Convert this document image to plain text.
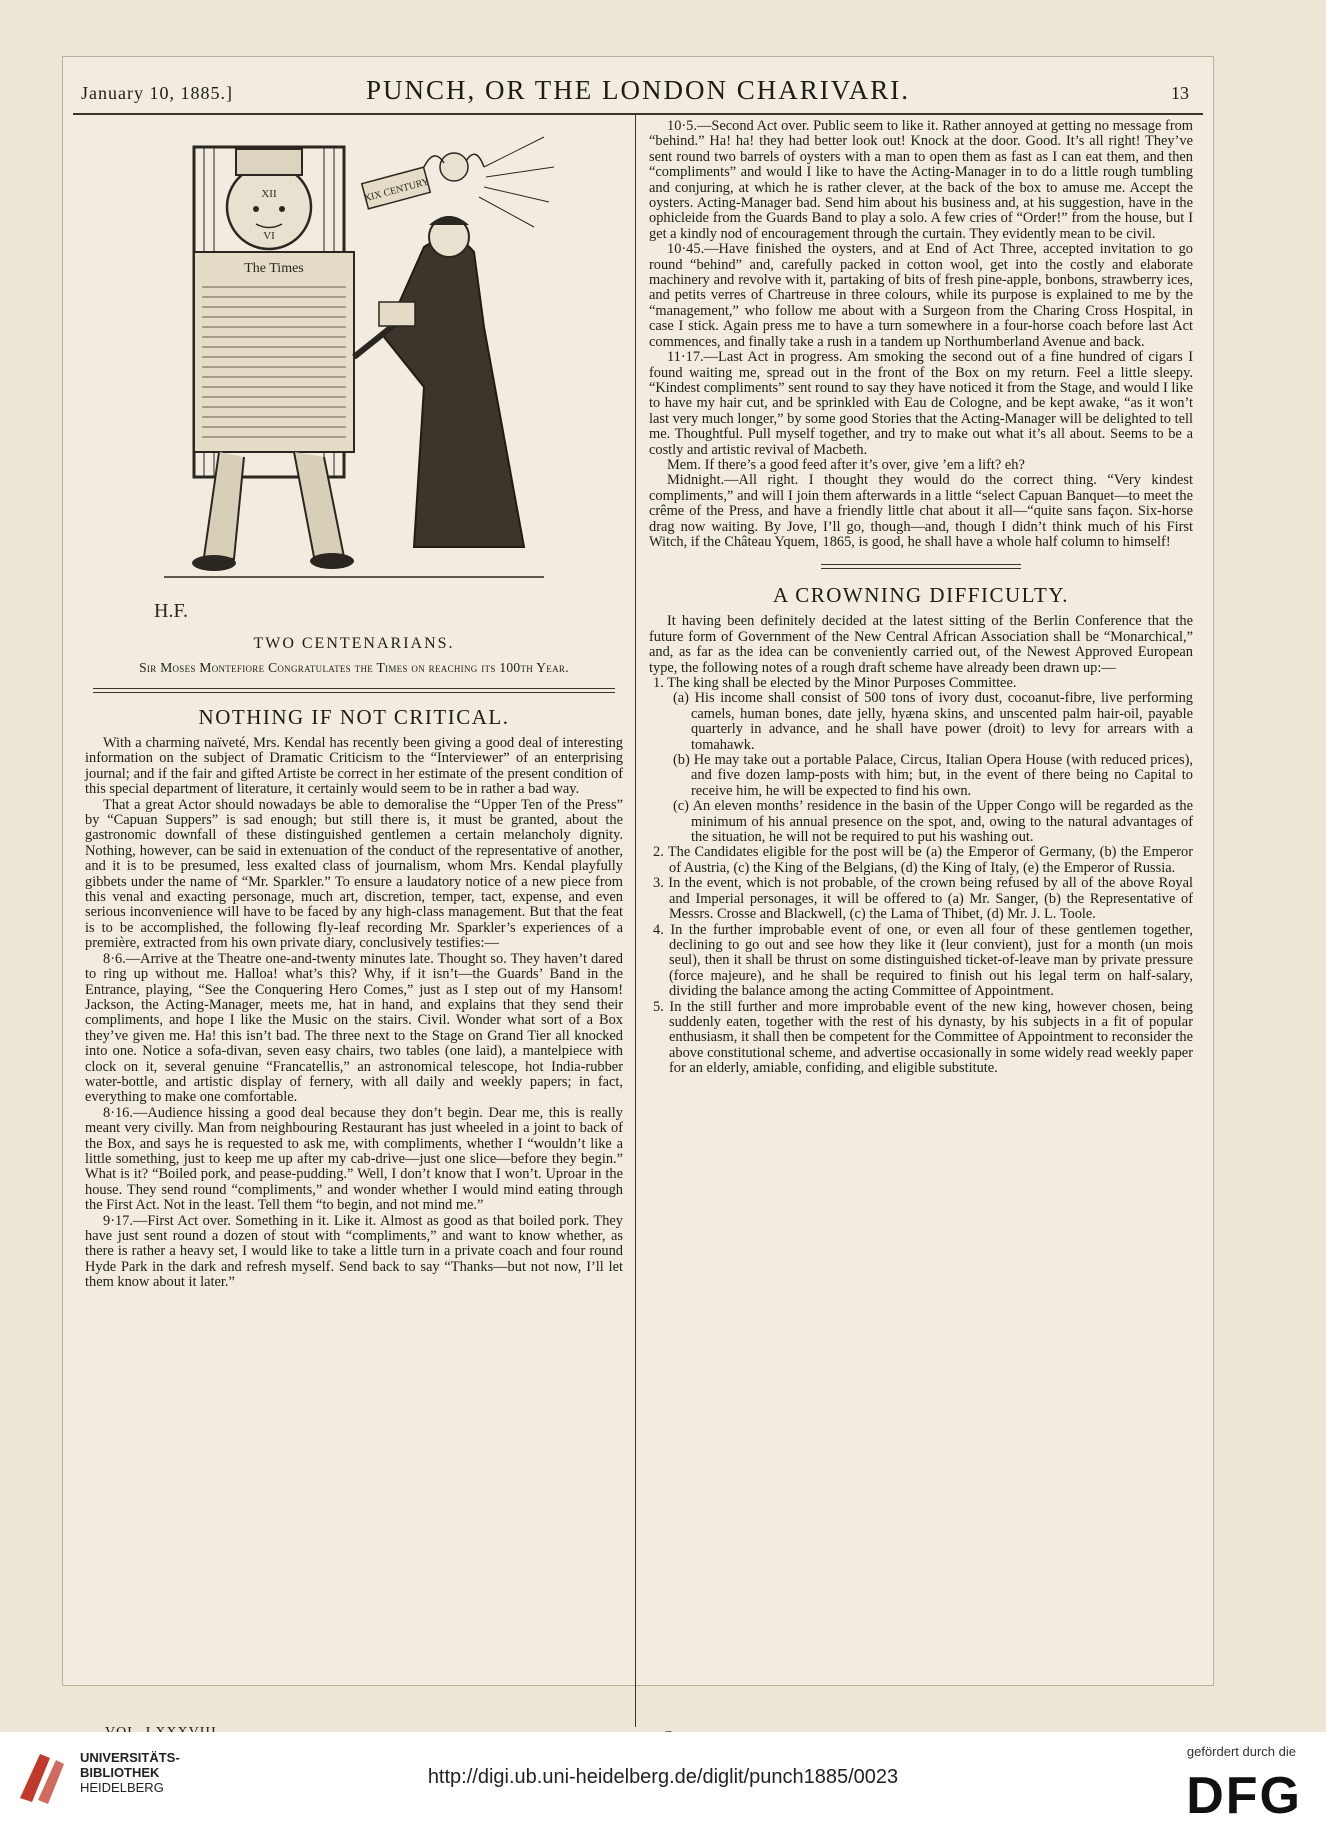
January 10, 1885.]	PUNCH, OR THE LONDON CHARIVARI.	13
XII
VI
The Times
XIX CENTURY
H.F.
TWO CENTENARIANS.
Sir Moses Montefiore Congratulates the Times on reaching its 100th Year.
NOTHING IF NOT CRITICAL.

With a charming naïveté, Mrs. Kendal has recently been giving a good deal of interesting information on the subject of Dramatic Criticism to the “Interviewer” of an enterprising journal; and if the fair and gifted Artiste be correct in her estimate of the present condition of this special department of literature, it certainly would seem to be in rather a bad way.

That a great Actor should nowadays be able to demoralise the “Upper Ten of the Press” by “Capuan Suppers” is sad enough; but still there is, it must be granted, about the gastronomic downfall of these distinguished gentlemen a certain melancholy dignity. Nothing, however, can be said in extenuation of the conduct of the representative of another, and it is to be presumed, less exalted class of journalism, whom Mrs. Kendal playfully gibbets under the name of “Mr. Sparkler.” To ensure a laudatory notice of a new piece from this venal and exacting personage, much art, discretion, temper, tact, expense, and even serious inconvenience will have to be faced by any high-class management. But that the feat is to be accomplished, the following fly-leaf recording Mr. Sparkler’s experiences of a première, extracted from his own private diary, conclusively testifies:—

8·6.—Arrive at the Theatre one-and-twenty minutes late. Thought so. They haven’t dared to ring up without me. Halloa! what’s this? Why, if it isn’t—the Guards’ Band in the Entrance, playing, “See the Conquering Hero Comes,” just as I step out of my Hansom! Jackson, the Acting-Manager, meets me, hat in hand, and explains that they send their compliments, and hope I like the Music on the stairs. Civil. Wonder what sort of a Box they’ve given me. Ha! this isn’t bad. The three next to the Stage on Grand Tier all knocked into one. Notice a sofa-divan, seven easy chairs, two tables (one laid), a mantelpiece with clock on it, several genuine “Francatellis,” an astronomical telescope, hot India-rubber water-bottle, and artistic display of fernery, with all daily and weekly papers; in fact, everything to make one comfortable.

8·16.—Audience hissing a good deal because they don’t begin. Dear me, this is really meant very civilly. Man from neighbouring Restaurant has just wheeled in a joint to back of the Box, and says he is requested to ask me, with compliments, whether I “wouldn’t like a little something, just to keep me up after my cab-drive—just one slice—before they begin.” What is it? “Boiled pork, and pease-pudding.” Well, I don’t know that I won’t. Uproar in the house. They send round “compliments,” and wonder whether I would mind eating through the First Act. Not in the least. Tell them “to begin, and not mind me.”

9·17.—First Act over. Something in it. Like it. Almost as good as that boiled pork. They have just sent round a dozen of stout with “compliments,” and want to know whether, as there is rather a heavy set, I would like to take a little turn in a private coach and four round Hyde Park in the dark and refresh myself. Send back to say “Thanks—but not now, I’ll let them know about it later.”

10·5.—Second Act over. Public seem to like it. Rather annoyed at getting no message from “behind.” Ha! ha! they had better look out! Knock at the door. Good. It’s all right! They’ve sent round two barrels of oysters with a man to open them as fast as I can eat them, and then “compliments” and would I like to have the Acting-Manager in to do a little rough tumbling and conjuring, at which he is rather clever, at the back of the box to amuse me. Accept the oysters. Acting-Manager bad. Send him about his business and, at his suggestion, have in the ophicleide from the Guards Band to play a solo. A few cries of “Order!” from the house, but I get a kindly nod of encouragement through the curtain. They evidently mean to be civil.

10·45.—Have finished the oysters, and at End of Act Three, accepted invitation to go round “behind” and, carefully packed in cotton wool, get into the costly and elaborate machinery and revolve with it, partaking of bits of fresh pine-apple, bonbons, strawberry ices, and petits verres of Chartreuse in three colours, while its purpose is explained to me by the “management,” who follow me about with a Surgeon from the Charing Cross Hospital, in case I stick. Again press me to have a turn somewhere in a four-horse coach before last Act commences, and finally take a rush in a tandem up Northumberland Avenue and back.

11·17.—Last Act in progress. Am smoking the second out of a fine hundred of cigars I found waiting me, spread out in the front of the Box on my return. Feel a little sleepy. “Kindest compliments” sent round to say they have noticed it from the Stage, and would I like to have my hair cut, and be sprinkled with Eau de Cologne, and be kept awake, “as it won’t last very much longer,” by some good Stories that the Acting-Manager will be delighted to tell me. Thoughtful. Pull myself together, and try to make out what it’s all about. Seems to be a costly and artistic revival of Macbeth.

Mem. If there’s a good feed after it’s over, give ’em a lift? eh?

Midnight.—All right. I thought they would do the correct thing. “Very kindest compliments,” and will I join them afterwards in a little “select Capuan Banquet—to meet the crême of the Press, and have a friendly little chat about it all—“quite sans façon. Six-horse drag now waiting. By Jove, I’ll go, though—and, though I didn’t think much of his First Witch, if the Château Yquem, 1865, is good, he shall have a whole half column to himself!

A CROWNING DIFFICULTY.

It having been definitely decided at the latest sitting of the Berlin Conference that the future form of Government of the New Central African Association shall be “Monarchical,” and, as far as the idea can be conveniently carried out, of the Newest Approved European type, the following notes of a rough draft scheme have already been drawn up:—

1. The king shall be elected by the Minor Purposes Committee.
(a) His income shall consist of 500 tons of ivory dust, cocoanut-fibre, live performing camels, human bones, date jelly, hyæna skins, and unscented palm hair-oil, payable quarterly in advance, and he shall have power (droit) to levy for arrears with a tomahawk.
(b) He may take out a portable Palace, Circus, Italian Opera House (with reduced prices), and five dozen lamp-posts with him; but, in the event of there being no Capital to receive him, he will be expected to find his own.
(c) An eleven months’ residence in the basin of the Upper Congo will be regarded as the minimum of his annual presence on the spot, and, owing to the natural advantages of the situation, he will not be required to put his washing out.
2. The Candidates eligible for the post will be (a) the Emperor of Germany, (b) the Emperor of Austria, (c) the King of the Belgians, (d) the King of Italy, (e) the Emperor of Russia.
3. In the event, which is not probable, of the crown being refused by all of the above Royal and Imperial personages, it will be offered to (a) Mr. Sanger, (b) the Representative of Messrs. Crosse and Blackwell, (c) the Lama of Thibet, (d) Mr. J. L. Toole.
4. In the further improbable event of one, or even all four of these gentlemen together, declining to go out and see how they like it (leur convient), just for a month (un mois seul), then it shall be thrust on some distinguished ticket-of-leave man by private pressure (force majeure), and he shall be required to finish out his legal term on half-salary, dividing the balance among the acting Committee of Appointment.
5. In the still further and more improbable event of the new king, however chosen, being suddenly eaten, together with the rest of his dynasty, by his subjects in a fit of popular enthusiasm, it shall then be competent for the Committee of Appointment to reconsider the above constitutional scheme, and advertise occasionally in some widely read weekly paper for an elderly, amiable, confiding, and eligible substitute.
UNIVERSITÄTS-
BIBLIOTHEK
HEIDELBERG	http://digi.ub.uni-heidelberg.de/diglit/punch1885/0023
gefördert durch die
DFG
